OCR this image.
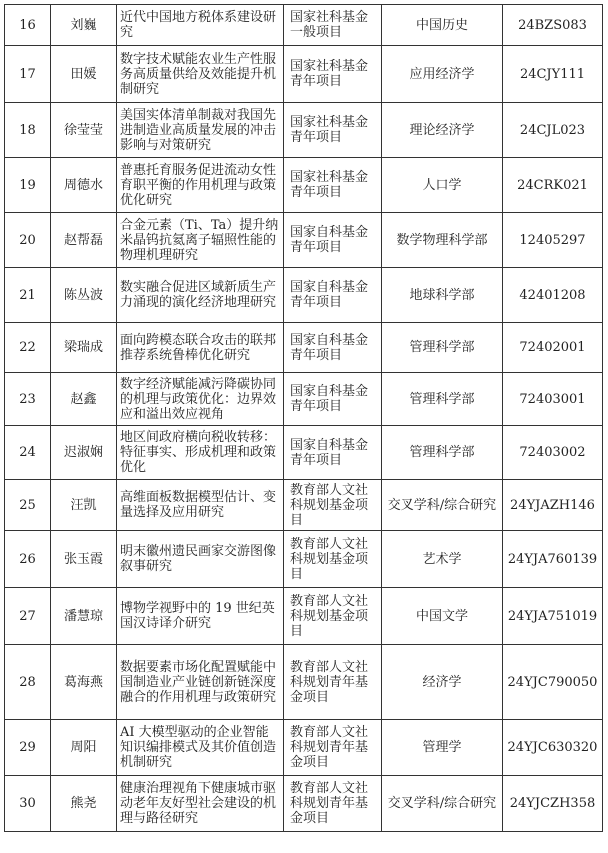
16	刘巍	近代中国地方税体系建设研究	国家社科基金一般项目	中国历史	24BZS083
17	田媛	数字技术赋能农业生产性服务高质量供给及效能提升机制研究	国家社科基金青年项目	应用经济学	24CJY111
18	徐莹莹	美国实体清单制裁对我国先进制造业高质量发展的冲击影响与对策研究	国家社科基金青年项目	理论经济学	24CJL023
19	周德水	普惠托育服务促进流动女性育职平衡的作用机理与政策优化研究	国家社科基金青年项目	人口学	24CRK021
20	赵帮磊	合金元素（Ti、Ta）提升纳米晶钨抗氦离子辐照性能的物理机理研究	国家自科基金青年项目	数学物理科学部	12405297
21	陈丛波	数实融合促进区域新质生产力涌现的演化经济地理研究	国家自科基金青年项目	地球科学部	42401208
22	梁瑞成	面向跨模态联合攻击的联邦推荐系统鲁棒优化研究	国家自科基金青年项目	管理科学部	72402001
23	赵鑫	数字经济赋能减污降碳协同的机理与政策优化：边界效应和溢出效应视角	国家自科基金青年项目	管理科学部	72403001
24	迟淑娴	地区间政府横向税收转移：特征事实、形成机理和政策优化	国家自科基金青年项目	管理科学部	72403002
25	汪凯	高维面板数据模型估计、变量选择及应用研究	教育部人文社科规划基金项目	交叉学科/综合研究	24YJAZH146
26	张玉霞	明末徽州遗民画家交游图像叙事研究	教育部人文社科规划基金项目	艺术学	24YJA760139
27	潘慧琼	博物学视野中的 19 世纪英国汉诗译介研究	教育部人文社科规划基金项目	中国文学	24YJA751019
28	葛海燕	数据要素市场化配置赋能中国制造业产业链创新链深度融合的作用机理与政策研究	教育部人文社科规划青年基金项目	经济学	24YJC790050
29	周阳	AI 大模型驱动的企业智能知识编排模式及其价值创造机制研究	教育部人文社科规划青年基金项目	管理学	24YJC630320
30	熊尧	健康治理视角下健康城市驱动老年友好型社会建设的机理与路径研究	教育部人文社科规划青年基金项目	交叉学科/综合研究	24YJCZH358
